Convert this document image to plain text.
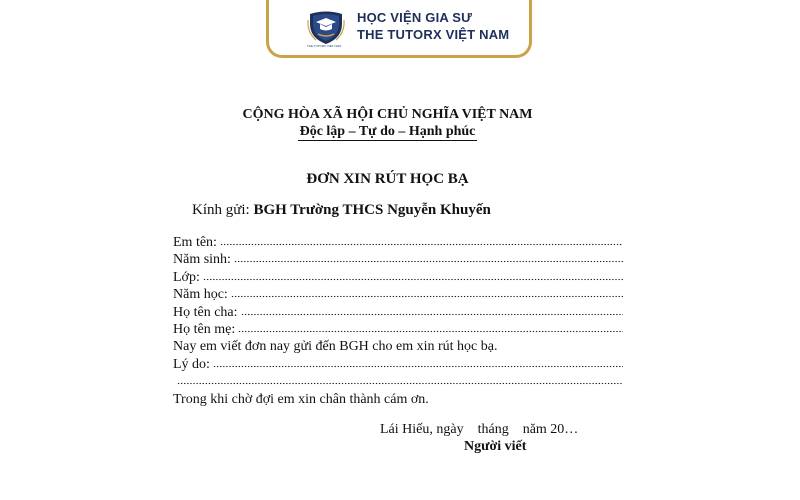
THE TUTORX VIET NAM
HỌC VIỆN GIA SƯ
THE TUTORX VIỆT NAM
CỘNG HÒA XÃ HỘI CHỦ NGHĨA VIỆT NAM
Độc lập – Tự do – Hạnh phúc
ĐƠN XIN RÚT HỌC BẠ
Kính gửi: BGH Trường THCS Nguyễn Khuyến
Em tên:
Năm sinh:
Lớp:
Năm học:
Họ tên cha:
Họ tên mẹ:
Nay em viết đơn nay gửi đến BGH cho em xin rút học bạ.
Lý do:
Trong khi chờ đợi em xin chân thành cám ơn.
Lái Hiếu, ngày tháng năm 20…
Người viết
